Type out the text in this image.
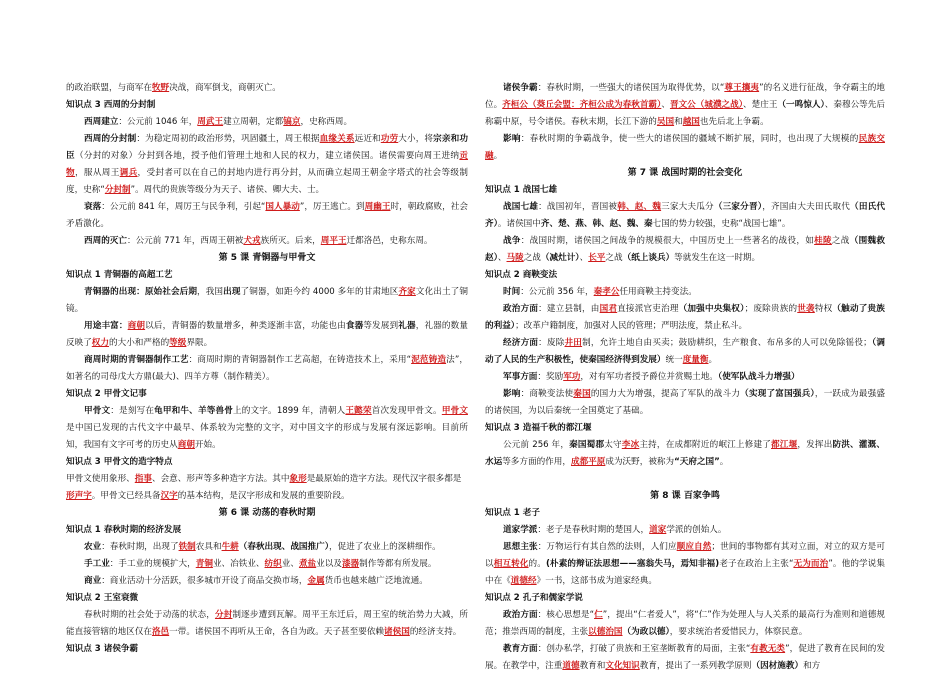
的政治联盟，与商军在牧野决战，商军倒戈，商朝灭亡。

知识点 3 西周的分封制

西周建立：公元前 1046 年，周武王建立周朝，定都镐京，史称西周。

西周的分封制：为稳定周初的政治形势，巩固疆土，周王根据血缘关系远近和功劳大小，将宗亲和功臣（分封的对象）分封到各地，授予他们管理土地和人民的权力，建立诸侯国。诸侯需要向周王进纳贡物，服从周王调兵，受封者可以在自己的封地内进行再分封，从而确立起周王朝金字塔式的社会等级制度，史称“分封制”。周代的贵族等级分为天子、诸侯、卿大夫、士。

衰落：公元前 841 年，周厉王与民争利，引起“国人暴动”，厉王逃亡。到周幽王时，朝政腐败，社会矛盾激化。

西周的灭亡：公元前 771 年，西周王朝被犬戎族所灭。后来，周平王迁都洛邑，史称东周。

第 5 课 青铜器与甲骨文

知识点 1 青铜器的高超工艺

青铜器的出现：原始社会后期，我国出现了铜器，如距今约 4000 多年的甘肃地区齐家文化出土了铜镜。

用途丰富：商朝以后，青铜器的数量增多，种类逐渐丰富，功能也由食器等发展到礼器，礼器的数量反映了权力的大小和严格的等级界限。

商周时期的青铜器制作工艺：商周时期的青铜器制作工艺高超，在铸造技术上，采用“泥范铸造法”，如著名的司母戊大方鼎(最大)、四羊方尊（制作精美）。

知识点 2 甲骨文记事

甲骨文：是刻写在龟甲和牛、羊等兽骨上的文字。1899 年，清朝人王懿荣首次发现甲骨文。甲骨文是中国已发现的古代文字中最早、体系较为完整的文字，对中国文字的形成与发展有深远影响。目前所知，我国有文字可考的历史从商朝开始。

知识点 3 甲骨文的造字特点

甲骨文使用象形、指事、会意、形声等多种造字方法。其中象形是最原始的造字方法。现代汉字很多都是形声字。甲骨文已经具备汉字的基本结构，是汉字形成和发展的重要阶段。

第 6 课 动荡的春秋时期

知识点 1 春秋时期的经济发展

农业：春秋时期，出现了铁制农具和牛耕（春秋出现、战国推广），促进了农业上的深耕细作。

手工业：手工业的规模扩大，青铜业、冶铁业、纺织业、煮盐业以及漆器制作等都有所发展。

商业：商业活动十分活跃，很多城市开设了商品交换市场，金属货币也越来越广泛地流通。

知识点 2 王室衰微

春秋时期的社会处于动荡的状态，分封制逐步遭到瓦解。周平王东迁后，周王室的统治势力大减，所能直接管辖的地区仅在洛邑一带。诸侯国不再听从王命，各自为政。天子甚至要依赖诸侯国的经济支持。

知识点 3 诸侯争霸

诸侯争霸：春秋时期，一些强大的诸侯国为取得优势，以“尊王攘夷”的名义进行征战，争夺霸主的地位。齐桓公（葵丘会盟：齐桓公成为春秋首霸）、晋文公（城濮之战）、楚庄王（一鸣惊人）、秦穆公等先后称霸中原，号令诸侯。春秋末期，长江下游的吴国和越国也先后北上争霸。

影响：春秋时期的争霸战争，使一些大的诸侯国的疆域不断扩展，同时，也出现了大规模的民族交融。

第 7 课 战国时期的社会变化

知识点 1 战国七雄

战国七雄：战国初年，晋国被韩、赵、魏三家大夫瓜分（三家分晋），齐国由大夫田氏取代（田氏代齐）。诸侯国中齐、楚、燕、韩、赵、魏、秦七国的势力较强，史称“战国七雄”。

战争：战国时期，诸侯国之间战争的规模很大，中国历史上一些著名的战役，如桂陵之战（围魏救赵）、马陵之战（减灶计）、长平之战（纸上谈兵）等就发生在这一时期。

知识点 2 商鞅变法

时间：公元前 356 年，秦孝公任用商鞅主持变法。

政治方面：建立县制，由国君直接派官吏治理（加强中央集权）；废除贵族的世袭特权（触动了贵族的利益）；改革户籍制度，加强对人民的管理；严明法度，禁止私斗。

经济方面：废除井田制，允许土地自由买卖；鼓励耕织，生产粮食、布帛多的人可以免除徭役；（调动了人民的生产积极性，使秦国经济得到发展）统一度量衡。

军事方面：奖励军功，对有军功者授予爵位并赏赐土地。（使军队战斗力增强）

影响：商鞅变法使秦国的国力大为增强，提高了军队的战斗力（实现了富国强兵），一跃成为最强盛的诸侯国，为以后秦统一全国奠定了基础。

知识点 3 造福千秋的都江堰

公元前 256 年，秦国蜀郡太守李冰主持，在成都附近的岷江上修建了都江堰，发挥出防洪、灌溉、水运等多方面的作用，成都平原成为沃野，被称为“天府之国”。

第 8 课 百家争鸣

知识点 1 老子

道家学派：老子是春秋时期的楚国人，道家学派的创始人。

思想主张：万物运行有其自然的法则，人们应顺应自然；世间的事物都有其对立面，对立的双方是可以相互转化的。(朴素的辩证法思想——塞翁失马，焉知非福)老子在政治上主张“无为而治”。他的学说集中在《道德经》一书，这部书成为道家经典。

知识点 2 孔子和儒家学说

政治方面：核心思想是“仁”，提出“仁者爱人”，将“仁”作为处理人与人关系的最高行为准则和道德规范；推崇西周的制度，主张以德治国（为政以德），要求统治者爱惜民力，体察民意。

教育方面：创办私学，打破了贵族和王室垄断教育的局面，主张“有教无类”，促进了教育在民间的发展。在教学中，注重道德教育和文化知识教育，提出了一系列教学原则（因材施教）和方
